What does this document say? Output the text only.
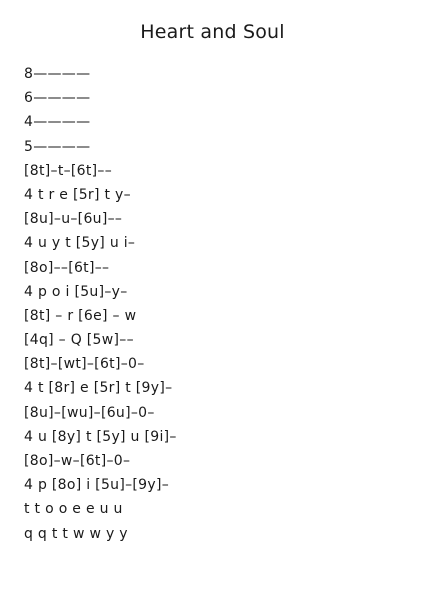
Heart and Soul
8————
6————
4————
5————
[8t]–t–[6t]––
4 t r e [5r] t y–
[8u]–u–[6u]––
4 u y t [5y] u i–
[8o]––[6t]––
4 p o i [5u]–y–
[8t] – r [6e] – w
[4q] – Q [5w]––
[8t]–[wt]–[6t]–0–
4 t [8r] e [5r] t [9y]–
[8u]–[wu]–[6u]–0–
4 u [8y] t [5y] u [9i]–
[8o]–w–[6t]–0–
4 p [8o] i [5u]–[9y]–
t t o o e e u u
q q t t w w y y
